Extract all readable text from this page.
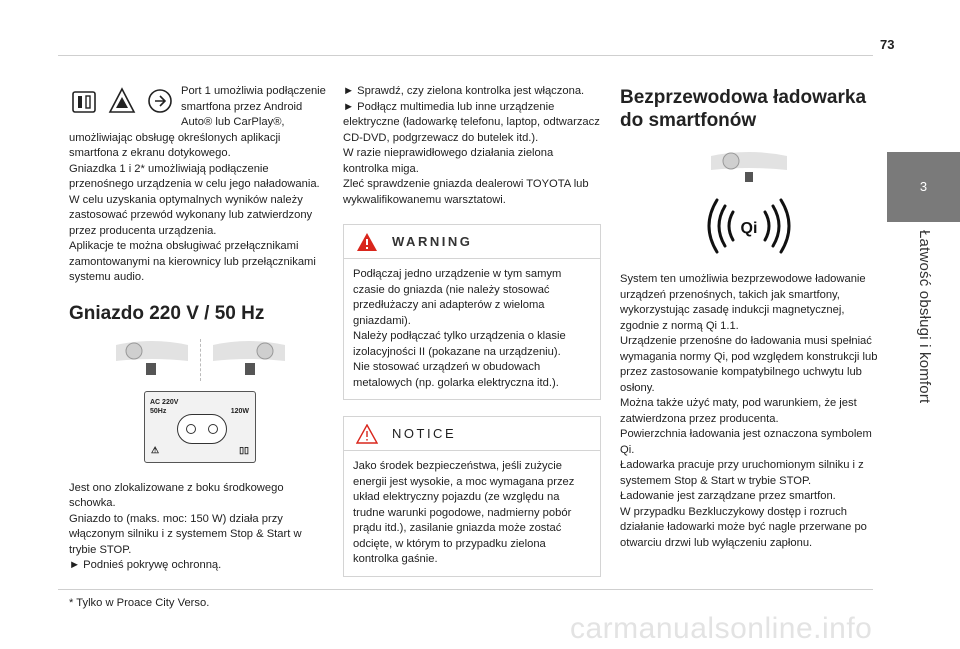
73
3
Łatwość obsługi i komfort
Port 1 umożliwia podłączenie smartfona przez Android Auto® lub CarPlay®, umożliwiając obsługę określonych aplikacji smartfona z ekranu dotykowego.
Gniazdka 1 i 2* umożliwiają podłączenie przenośnego urządzenia w celu jego naładowania.
W celu uzyskania optymalnych wyników należy zastosować przewód wykonany lub zatwierdzony przez producenta urządzenia.
Aplikacje te można obsługiwać przełącznikami zamontowanymi na kierownicy lub przełącznikami systemu audio.
Gniazdo 220 V / 50 Hz
AC 220V
50Hz	120W
⚠	▯▯
Jest ono zlokalizowane z boku środkowego schowka.
Gniazdo to (maks. moc: 150 W) działa przy włączonym silniku i z systemem Stop & Start w trybie STOP.
► Podnieś pokrywę ochronną.
► Sprawdź, czy zielona kontrolka jest włączona.
► Podłącz multimedia lub inne urządzenie elektryczne (ładowarkę telefonu, laptop, odtwarzacz CD-DVD, podgrzewacz do butelek itd.).
W razie nieprawidłowego działania zielona kontrolka miga.
Zleć sprawdzenie gniazda dealerowi TOYOTA lub wykwalifikowanemu warsztatowi.
WARNING
Podłączaj jedno urządzenie w tym samym czasie do gniazda (nie należy stosować przedłużaczy ani adapterów z wieloma gniazdami).
Należy podłączać tylko urządzenia o klasie izolacyjności II (pokazane na urządzeniu).
Nie stosować urządzeń w obudowach metalowych (np. golarka elektryczna itd.).
NOTICE
Jako środek bezpieczeństwa, jeśli zużycie energii jest wysokie, a moc wymagana przez układ elektryczny pojazdu (ze względu na trudne warunki pogodowe, nadmierny pobór prądu itd.), zasilanie gniazda może zostać odcięte, w którym to przypadku zielona kontrolka gaśnie.
Bezprzewodowa ładowarka do smartfonów
Qi
System ten umożliwia bezprzewodowe ładowanie urządzeń przenośnych, takich jak smartfony, wykorzystując zasadę indukcji magnetycznej, zgodnie z normą Qi 1.1.
Urządzenie przenośne do ładowania musi spełniać wymagania normy Qi, pod względem konstrukcji lub przez zastosowanie kompatybilnego uchwytu lub osłony.
Można także użyć maty, pod warunkiem, że jest zatwierdzona przez producenta.
Powierzchnia ładowania jest oznaczona symbolem Qi.
Ładowarka pracuje przy uruchomionym silniku i z systemem Stop & Start w trybie STOP.
Ładowanie jest zarządzane przez smartfon.
W przypadku Bezkluczykowy dostęp i rozruch działanie ładowarki może być nagle przerwane po otwarciu drzwi lub wyłączeniu zapłonu.
* Tylko w Proace City Verso.
carmanualsonline.info
